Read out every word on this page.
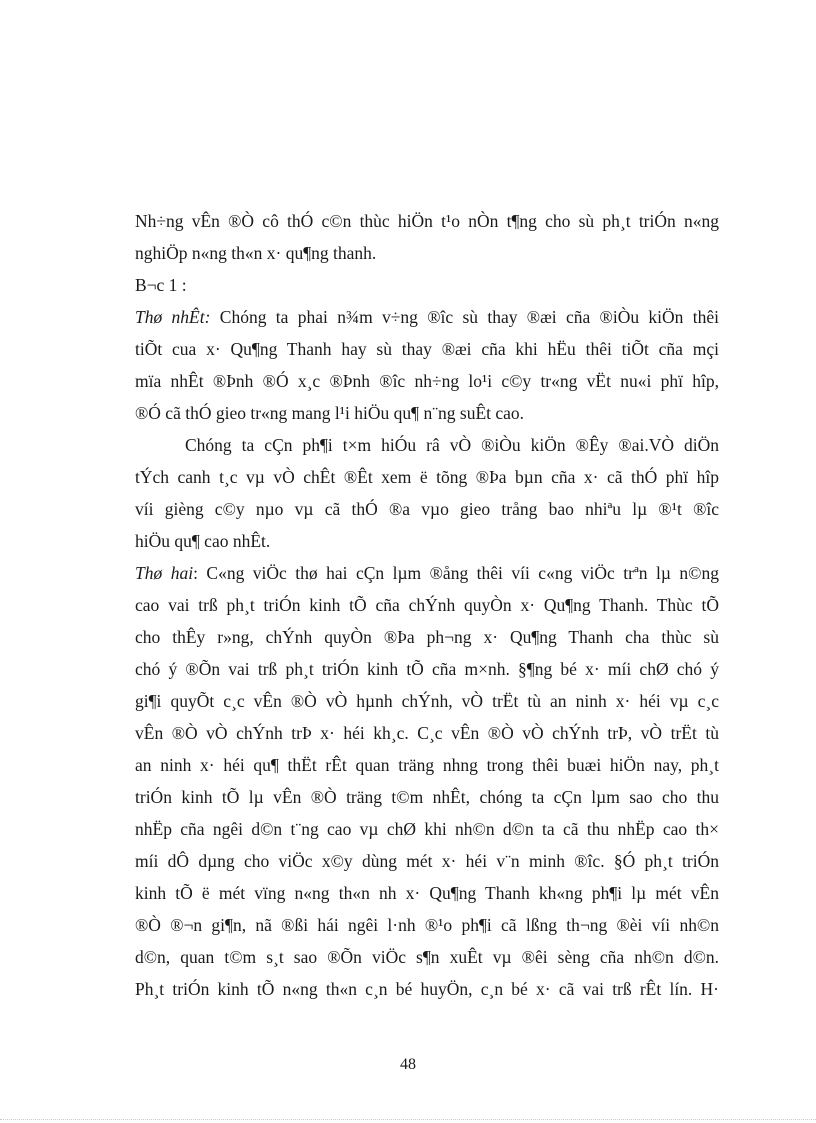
Nh÷ng vÊn ®Ò cô thÓ c©n thùc hiÖn t¹o nÒn t¶ng cho sù ph¸t triÓn n«ng
nghiÖp n«ng th«n x· qu¶ng thanh.
B¬c 1 :
Thø nhÊt: Chóng ta phai n¾m v÷ng ®îc sù thay ®æi cña ®iÒu kiÖn thêi
tiÕt cua x· Qu¶ng Thanh hay sù thay ®æi cña khi hËu thêi tiÕt cña mçi
mïa nhÊt ®Þnh ®Ó x¸c ®Þnh ®îc nh÷ng lo¹i c©y tr«ng vËt nu«i phï hîp,
®Ó cã thÓ gieo tr«ng mang l¹i hiÖu qu¶ n¨ng suÊt cao.
Chóng ta cÇn ph¶i t×m hiÓu râ vÒ ®iÒu kiÖn ®Êy ®ai.VÒ diÖn
tÝch canh t¸c vµ vÒ chÊt ®Êt xem ë tõng ®Þa bµn cña x· cã thÓ phï hîp
víi gièng c©y nµo vµ cã thÓ ®a vµo gieo trång bao nhiªu lµ ®¹t ®îc
hiÖu qu¶ cao nhÊt.
Thø hai: C«ng viÖc thø hai cÇn lµm ®ång thêi víi c«ng viÖc trªn lµ n©ng
cao vai trß ph¸t triÓn kinh tÕ cña chÝnh quyÒn x· Qu¶ng Thanh. Thùc tÕ
cho thÊy r»ng, chÝnh quyÒn ®Þa ph¬ng x· Qu¶ng Thanh cha thùc sù
chó ý ®Õn vai trß ph¸t triÓn kinh tÕ cña m×nh. §¶ng bé x· míi chØ chó ý
gi¶i quyÕt c¸c vÊn ®Ò vÒ hµnh chÝnh, vÒ trËt tù an ninh x· héi vµ c¸c
vÊn ®Ò vÒ chÝnh trÞ x· héi kh¸c. C¸c vÊn ®Ò vÒ chÝnh trÞ, vÒ trËt tù
an ninh x· héi qu¶ thËt rÊt quan träng nhng trong thêi buæi hiÖn nay, ph¸t
triÓn kinh tÕ lµ vÊn ®Ò träng t©m nhÊt, chóng ta cÇn lµm sao cho thu
nhËp cña ngêi d©n t¨ng cao vµ chØ khi nh©n d©n ta cã thu nhËp cao th×
míi dÔ dµng cho viÖc x©y dùng mét x· héi v¨n minh ®îc. §Ó ph¸t triÓn
kinh tÕ ë mét vïng n«ng th«n nh x· Qu¶ng Thanh kh«ng ph¶i lµ mét vÊn
®Ò ®¬n gi¶n, nã ®ßi hái ngêi l·nh ®¹o ph¶i cã lßng th¬ng ®èi víi nh©n
d©n, quan t©m s¸t sao ®Õn viÖc s¶n xuÊt vµ ®êi sèng cña nh©n d©n.
Ph¸t triÓn kinh tÕ n«ng th«n c¸n bé huyÖn, c¸n bé x· cã vai trß rÊt lín. H·
48
